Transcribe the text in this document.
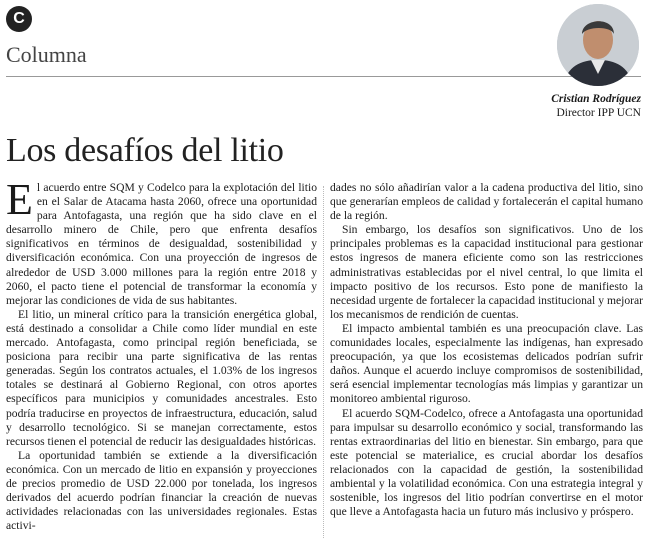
C
Columna
Cristian Rodríguez
Director IPP UCN
Los desafíos del litio

El acuerdo entre SQM y Codelco para la explotación del litio en el Salar de Atacama hasta 2060, ofrece una oportunidad para Antofagasta, una región que ha sido clave en el desarrollo minero de Chile, pero que enfrenta desafíos significativos en términos de desigualdad, sostenibilidad y diversificación económica. Con una proyección de ingresos de alrededor de USD 3.000 millones para la región entre 2018 y 2060, el pacto tiene el potencial de transformar la economía y mejorar las condiciones de vida de sus habitantes.

El litio, un mineral crítico para la transición energética global, está destinado a consolidar a Chile como líder mundial en este mercado. Antofagasta, como principal región beneficiada, se posiciona para recibir una parte significativa de las rentas generadas. Según los contratos actuales, el 1.03% de los ingresos totales se destinará al Gobierno Regional, con otros aportes específicos para municipios y comunidades ancestrales. Esto podría traducirse en proyectos de infraestructura, educación, salud y desarrollo tecnológico. Si se manejan correctamente, estos recursos tienen el potencial de reducir las desigualdades históricas.

La oportunidad también se extiende a la diversificación económica. Con un mercado de litio en expansión y proyecciones de precios promedio de USD 22.000 por tonelada, los ingresos derivados del acuerdo podrían financiar la creación de nuevas actividades relacionadas con las universidades regionales. Estas activi-

dades no sólo añadirían valor a la cadena productiva del litio, sino que generarían empleos de calidad y fortalecerán el capital humano de la región.

Sin embargo, los desafíos son significativos. Uno de los principales problemas es la capacidad institucional para gestionar estos ingresos de manera eficiente como son las restricciones administrativas establecidas por el nivel central, lo que limita el impacto positivo de los recursos. Esto pone de manifiesto la necesidad urgente de fortalecer la capacidad institucional y mejorar los mecanismos de rendición de cuentas.

El impacto ambiental también es una preocupación clave. Las comunidades locales, especialmente las indígenas, han expresado preocupación, ya que los ecosistemas delicados podrían sufrir daños. Aunque el acuerdo incluye compromisos de sostenibilidad, será esencial implementar tecnologías más limpias y garantizar un monitoreo ambiental riguroso.

El acuerdo SQM-Codelco, ofrece a Antofagasta una oportunidad para impulsar su desarrollo económico y social, transformando las rentas extraordinarias del litio en bienestar. Sin embargo, para que este potencial se materialice, es crucial abordar los desafíos relacionados con la capacidad de gestión, la sostenibilidad ambiental y la volatilidad económica. Con una estrategia integral y sostenible, los ingresos del litio podrían convertirse en el motor que lleve a Antofagasta hacia un futuro más inclusivo y próspero.
